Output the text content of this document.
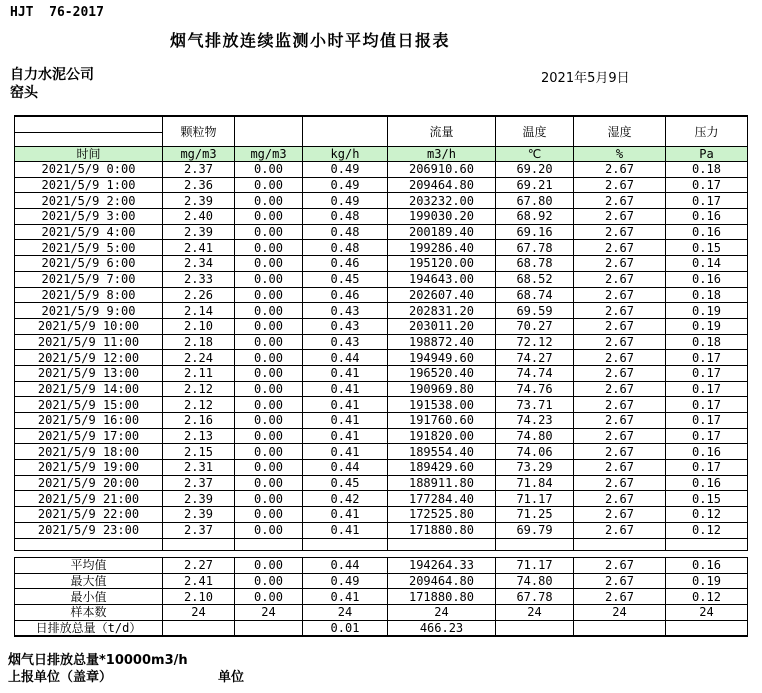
HJT  76-2017
烟气排放连续监测小时平均值日报表
自力水泥公司
窑头
2021年5月9日
	颗粒物			流量	温度	湿度	压力

时间	mg/m3	mg/m3	kg/h	m3/h	℃	%	Pa
2021/5/9 0:00	2.37	0.00	0.49	206910.60	69.20	2.67	0.18
2021/5/9 1:00	2.36	0.00	0.49	209464.80	69.21	2.67	0.17
2021/5/9 2:00	2.39	0.00	0.49	203232.00	67.80	2.67	0.17
2021/5/9 3:00	2.40	0.00	0.48	199030.20	68.92	2.67	0.16
2021/5/9 4:00	2.39	0.00	0.48	200189.40	69.16	2.67	0.16
2021/5/9 5:00	2.41	0.00	0.48	199286.40	67.78	2.67	0.15
2021/5/9 6:00	2.34	0.00	0.46	195120.00	68.78	2.67	0.14
2021/5/9 7:00	2.33	0.00	0.45	194643.00	68.52	2.67	0.16
2021/5/9 8:00	2.26	0.00	0.46	202607.40	68.74	2.67	0.18
2021/5/9 9:00	2.14	0.00	0.43	202831.20	69.59	2.67	0.19
2021/5/9 10:00	2.10	0.00	0.43	203011.20	70.27	2.67	0.19
2021/5/9 11:00	2.18	0.00	0.43	198872.40	72.12	2.67	0.18
2021/5/9 12:00	2.24	0.00	0.44	194949.60	74.27	2.67	0.17
2021/5/9 13:00	2.11	0.00	0.41	196520.40	74.74	2.67	0.17
2021/5/9 14:00	2.12	0.00	0.41	190969.80	74.76	2.67	0.17
2021/5/9 15:00	2.12	0.00	0.41	191538.00	73.71	2.67	0.17
2021/5/9 16:00	2.16	0.00	0.41	191760.60	74.23	2.67	0.17
2021/5/9 17:00	2.13	0.00	0.41	191820.00	74.80	2.67	0.17
2021/5/9 18:00	2.15	0.00	0.41	189554.40	74.06	2.67	0.16
2021/5/9 19:00	2.31	0.00	0.44	189429.60	73.29	2.67	0.17
2021/5/9 20:00	2.37	0.00	0.45	188911.80	71.84	2.67	0.16
2021/5/9 21:00	2.39	0.00	0.42	177284.40	71.17	2.67	0.15
2021/5/9 22:00	2.39	0.00	0.41	172525.80	71.25	2.67	0.12
2021/5/9 23:00	2.37	0.00	0.41	171880.80	69.79	2.67	0.12

平均值	2.27	0.00	0.44	194264.33	71.17	2.67	0.16
最大值	2.41	0.00	0.49	209464.80	74.80	2.67	0.19
最小值	2.10	0.00	0.41	171880.80	67.78	2.67	0.12
样本数	24	24	24	24	24	24	24
日排放总量（t/d）			0.01	466.23			
烟气日排放总量*10000m3/h
上报单位（盖章）	单位
